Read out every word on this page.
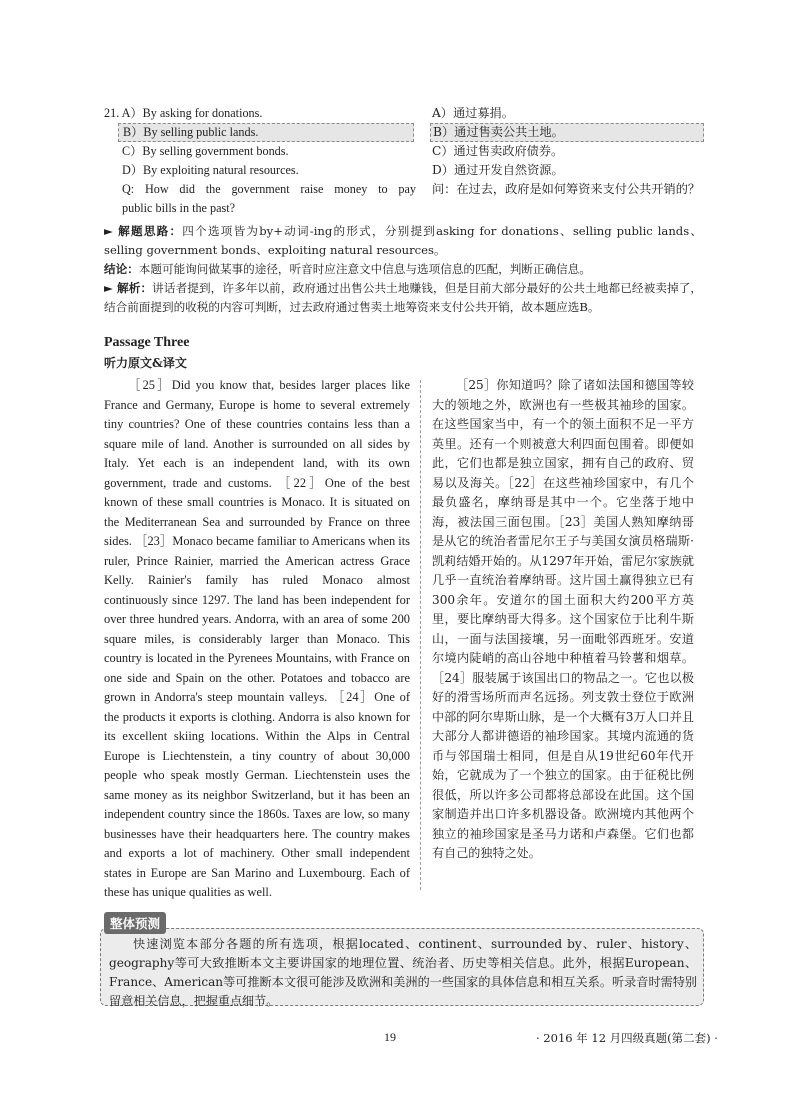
21. A）By asking for donations.
B）By selling public lands.
C）By selling government bonds.
D）By exploiting natural resources.
Q: How did the government raise money to pay
public bills in the past?
A）通过募捐。
B）通过售卖公共土地。
C）通过售卖政府债券。
D）通过开发自然资源。
问：在过去，政府是如何筹资来支付公共开销的？

► 解题思路：四个选项皆为by+动词-ing的形式，分别提到asking for donations、selling public lands、selling government bonds、exploiting natural resources。

结论：本题可能询问做某事的途径，听音时应注意文中信息与选项信息的匹配，判断正确信息。

► 解析：讲话者提到，许多年以前，政府通过出售公共土地赚钱，但是目前大部分最好的公共土地都已经被卖掉了，结合前面提到的收税的内容可判断，过去政府通过售卖土地筹资来支付公共开销，故本题应选B。

Passage Three
听力原文&译文

［25］Did you know that, besides larger places like France and Germany, Europe is home to several extremely tiny countries? One of these countries contains less than a square mile of land. Another is surrounded on all sides by Italy. Yet each is an independent land, with its own government, trade and customs. ［22］One of the best known of these small countries is Monaco. It is situated on the Mediterranean Sea and surrounded by France on three sides. ［23］Monaco became familiar to Americans when its ruler, Prince Rainier, married the American actress Grace Kelly. Rainier's family has ruled Monaco almost continuously since 1297. The land has been independent for over three hundred years. Andorra, with an area of some 200 square miles, is considerably larger than Monaco. This country is located in the Pyrenees Mountains, with France on one side and Spain on the other. Potatoes and tobacco are grown in Andorra's steep mountain valleys. ［24］One of the products it exports is clothing. Andorra is also known for its excellent skiing locations. Within the Alps in Central Europe is Liechtenstein, a tiny country of about 30,000 people who speak mostly German. Liechtenstein uses the same money as its neighbor Switzerland, but it has been an independent country since the 1860s. Taxes are low, so many businesses have their headquarters here. The country makes and exports a lot of machinery. Other small independent states in Europe are San Marino and Luxembourg. Each of these has unique qualities as well.

［25］你知道吗？除了诸如法国和德国等较大的领地之外，欧洲也有一些极其袖珍的国家。在这些国家当中，有一个的领土面积不足一平方英里。还有一个则被意大利四面包围着。即便如此，它们也都是独立国家，拥有自己的政府、贸易以及海关。［22］在这些袖珍国家中，有几个最负盛名，摩纳哥是其中一个。它坐落于地中海，被法国三面包围。［23］美国人熟知摩纳哥是从它的统治者雷尼尔王子与美国女演员格瑞斯·凯莉结婚开始的。从1297年开始，雷尼尔家族就几乎一直统治着摩纳哥。这片国土赢得独立已有300余年。安道尔的国土面积大约200平方英里，要比摩纳哥大得多。这个国家位于比利牛斯山，一面与法国接壤，另一面毗邻西班牙。安道尔境内陡峭的高山谷地中种植着马铃薯和烟草。［24］服装属于该国出口的物品之一。它也以极好的滑雪场所而声名远扬。列支敦士登位于欧洲中部的阿尔卑斯山脉，是一个大概有3万人口并且大部分人都讲德语的袖珍国家。其境内流通的货币与邻国瑞士相同，但是自从19世纪60年代开始，它就成为了一个独立的国家。由于征税比例很低，所以许多公司都将总部设在此国。这个国家制造并出口许多机器设备。欧洲境内其他两个独立的袖珍国家是圣马力诺和卢森堡。它们也都有自己的独特之处。

快速浏览本部分各题的所有选项，根据located、continent、surrounded by、ruler、history、geography等可大致推断本文主要讲国家的地理位置、统治者、历史等相关信息。此外，根据European、France、American等可推断本文很可能涉及欧洲和美洲的一些国家的具体信息和相互关系。听录音时需特别留意相关信息，把握重点细节。

整体预测
19	· 2016 年 12 月四级真题(第二套) ·
